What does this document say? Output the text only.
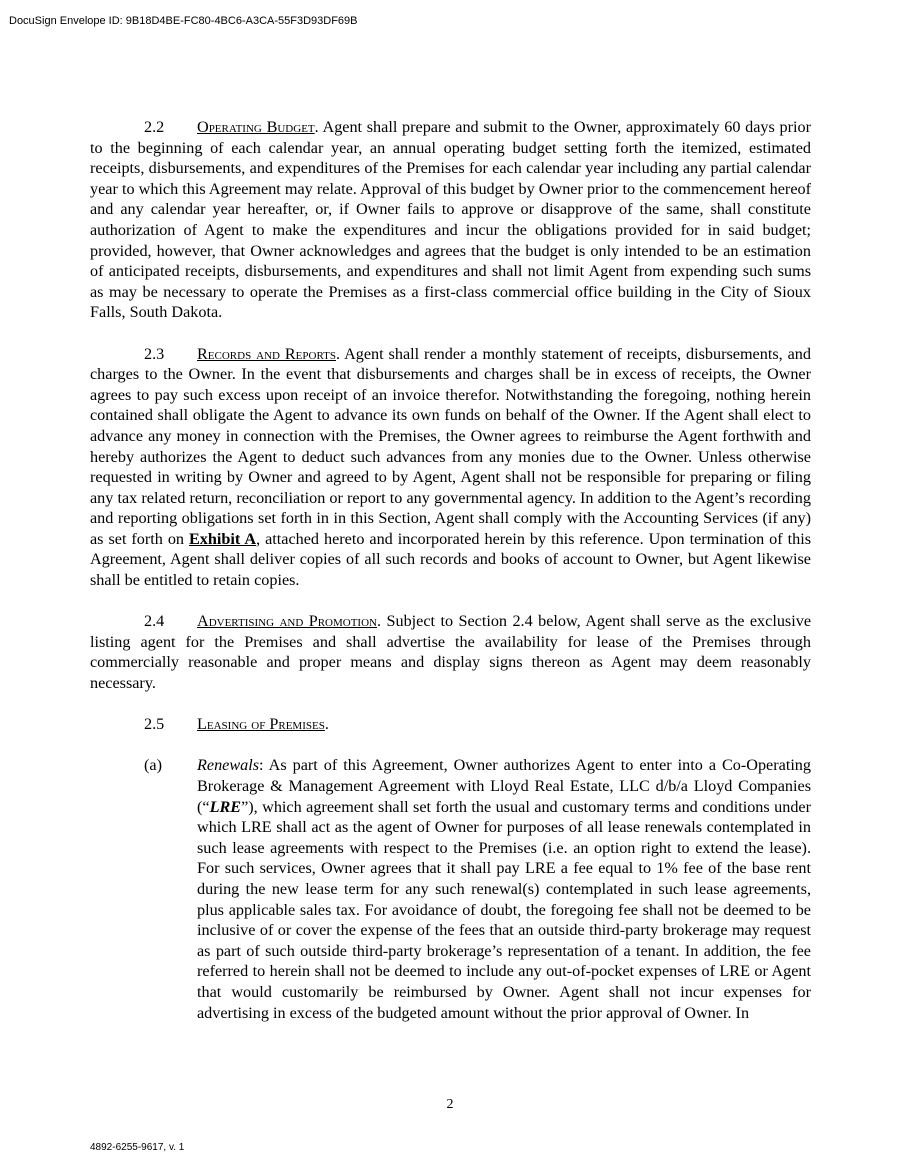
DocuSign Envelope ID: 9B18D4BE-FC80-4BC6-A3CA-55F3D93DF69B

2.2 Operating Budget. Agent shall prepare and submit to the Owner, approximately 60 days prior to the beginning of each calendar year, an annual operating budget setting forth the itemized, estimated receipts, disbursements, and expenditures of the Premises for each calendar year including any partial calendar year to which this Agreement may relate. Approval of this budget by Owner prior to the commencement hereof and any calendar year hereafter, or, if Owner fails to approve or disapprove of the same, shall constitute authorization of Agent to make the expenditures and incur the obligations provided for in said budget; provided, however, that Owner acknowledges and agrees that the budget is only intended to be an estimation of anticipated receipts, disbursements, and expenditures and shall not limit Agent from expending such sums as may be necessary to operate the Premises as a first-class commercial office building in the City of Sioux Falls, South Dakota.

2.3 Records and Reports. Agent shall render a monthly statement of receipts, disbursements, and charges to the Owner. In the event that disbursements and charges shall be in excess of receipts, the Owner agrees to pay such excess upon receipt of an invoice therefor. Notwithstanding the foregoing, nothing herein contained shall obligate the Agent to advance its own funds on behalf of the Owner. If the Agent shall elect to advance any money in connection with the Premises, the Owner agrees to reimburse the Agent forthwith and hereby authorizes the Agent to deduct such advances from any monies due to the Owner. Unless otherwise requested in writing by Owner and agreed to by Agent, Agent shall not be responsible for preparing or filing any tax related return, reconciliation or report to any governmental agency. In addition to the Agent’s recording and reporting obligations set forth in in this Section, Agent shall comply with the Accounting Services (if any) as set forth on Exhibit A, attached hereto and incorporated herein by this reference. Upon termination of this Agreement, Agent shall deliver copies of all such records and books of account to Owner, but Agent likewise shall be entitled to retain copies.

2.4 Advertising and Promotion. Subject to Section 2.4 below, Agent shall serve as the exclusive listing agent for the Premises and shall advertise the availability for lease of the Premises through commercially reasonable and proper means and display signs thereon as Agent may deem reasonably necessary.

2.5 Leasing of Premises.

(a) Renewals: As part of this Agreement, Owner authorizes Agent to enter into a Co-Operating Brokerage & Management Agreement with Lloyd Real Estate, LLC d/b/a Lloyd Companies (“LRE”), which agreement shall set forth the usual and customary terms and conditions under which LRE shall act as the agent of Owner for purposes of all lease renewals contemplated in such lease agreements with respect to the Premises (i.e. an option right to extend the lease). For such services, Owner agrees that it shall pay LRE a fee equal to 1% fee of the base rent during the new lease term for any such renewal(s) contemplated in such lease agreements, plus applicable sales tax. For avoidance of doubt, the foregoing fee shall not be deemed to be inclusive of or cover the expense of the fees that an outside third-party brokerage may request as part of such outside third-party brokerage’s representation of a tenant. In addition, the fee referred to herein shall not be deemed to include any out-of-pocket expenses of LRE or Agent that would customarily be reimbursed by Owner. Agent shall not incur expenses for advertising in excess of the budgeted amount without the prior approval of Owner. In

2
4892-6255-9617, v. 1
